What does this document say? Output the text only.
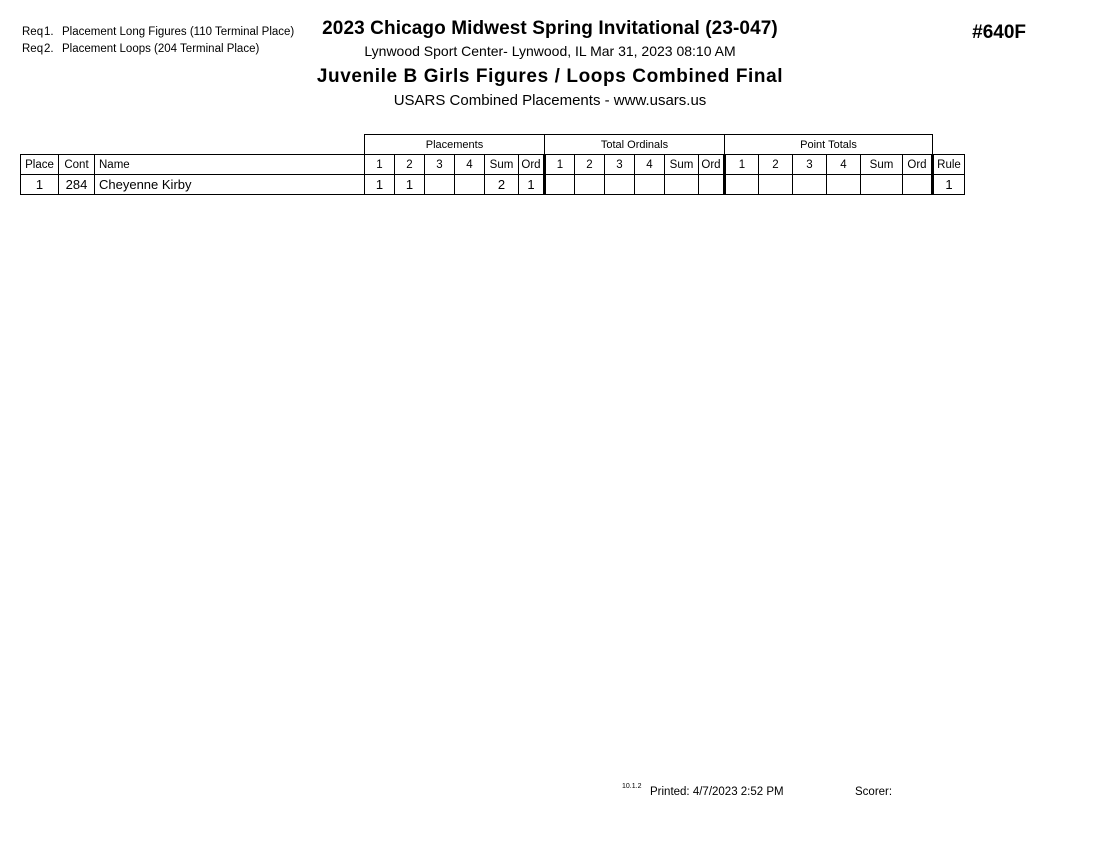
Req1. Placement Long Figures (110 Terminal Place)
Req2. Placement Loops (204 Terminal Place)
2023 Chicago Midwest Spring Invitational (23-047)
Lynwood Sport Center- Lynwood, IL Mar 31, 2023 08:10 AM
Juvenile B Girls Figures / Loops Combined Final
USARS Combined Placements - www.usars.us
#640F
			Placements						Total Ordinals						Point Totals						
Place	Cont	Name	1	2	3	4	Sum	Ord	1	2	3	4	Sum	Ord	1	2	3	4	Sum	Ord	Rule
1	284	Cheyenne Kirby	1	1			2	1													1
10.1.2 Printed: 4/7/2023 2:52 PM	Scorer:
